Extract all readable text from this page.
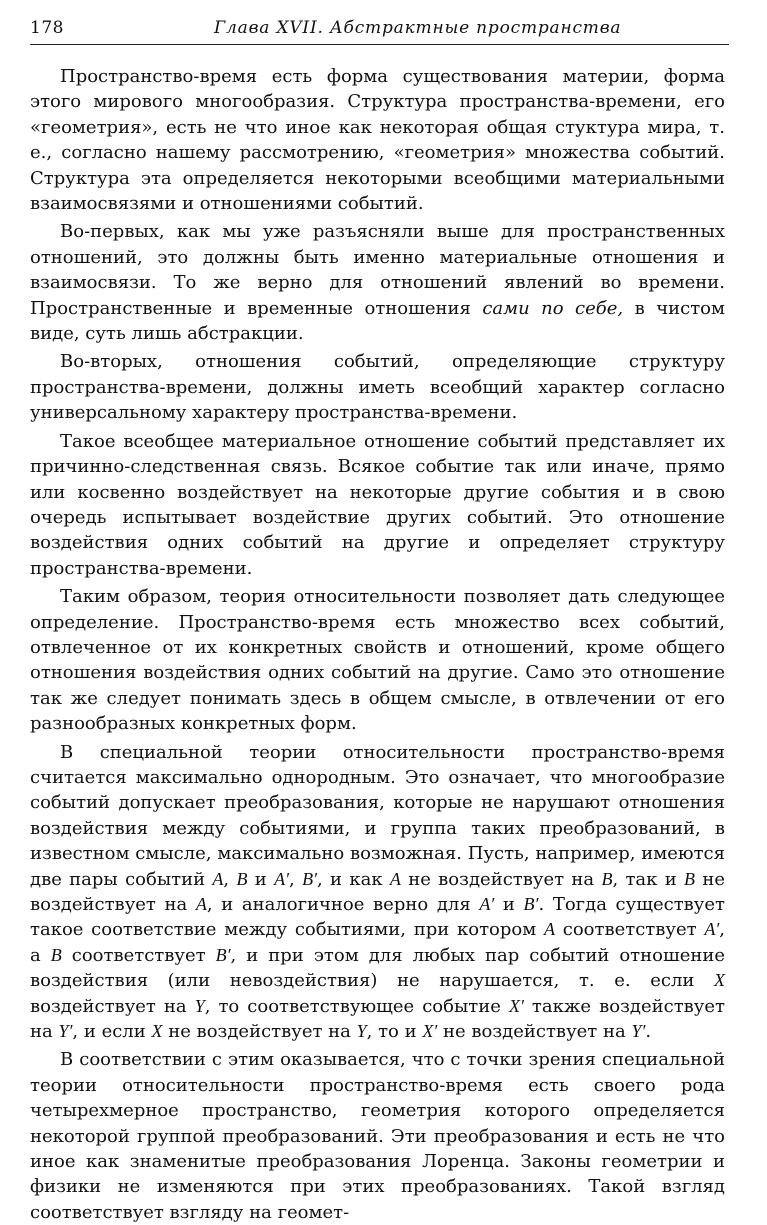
178	Глава XVII. Абстрактные пространства

Пространство-время есть форма существования материи, форма этого мирового многообразия. Структура пространства-времени, его «геометрия», есть не что иное как некоторая общая стуктура мира, т. е., согласно нашему рассмотрению, «геометрия» множества событий. Структура эта определяется некоторыми всеобщими материальными взаимосвязями и отношениями событий.

Во-первых, как мы уже разъясняли выше для пространственных отношений, это должны быть именно материальные отношения и взаимосвязи. То же верно для отношений явлений во времени. Пространственные и временные отношения сами по себе, в чистом виде, суть лишь абстракции.

Во-вторых, отношения событий, определяющие структуру пространства-времени, должны иметь всеобщий характер согласно универсальному характеру пространства-времени.

Такое всеобщее материальное отношение событий представляет их причинно-следственная связь. Всякое событие так или иначе, прямо или косвенно воздействует на некоторые другие события и в свою очередь испытывает воздействие других событий. Это отношение воздействия одних событий на другие и определяет структуру пространства-времени.

Таким образом, теория относительности позволяет дать следующее определение. Пространство-время есть множество всех событий, отвлеченное от их конкретных свойств и отношений, кроме общего отношения воздействия одних событий на другие. Само это отношение так же следует понимать здесь в общем смысле, в отвлечении от его разнообразных конкретных форм.

В специальной теории относительности пространство-время считается максимально однородным. Это означает, что многообразие событий допускает преобразования, которые не нарушают отношения воздействия между событиями, и группа таких преобразований, в известном смысле, максимально возможная. Пусть, например, имеются две пары событий A, B и A′, B′, и как A не воздействует на B, так и B не воздействует на A, и аналогичное верно для A′ и B′. Тогда существует такое соответствие между событиями, при котором A соответствует A′, а B соответствует B′, и при этом для любых пар событий отношение воздействия (или невоздействия) не нарушается, т. е. если X воздействует на Y, то соответствующее событие X′ также воздействует на Y′, и если X не воздействует на Y, то и X′ не воздействует на Y′.

В соответствии с этим оказывается, что с точки зрения специальной теории относительности пространство-время есть своего рода четырехмерное пространство, геометрия которого определяется некоторой группой преобразований. Эти преобразования и есть не что иное как знаменитые преобразования Лоренца. Законы геометрии и физики не изменяются при этих преобразованиях. Такой взгляд соответствует взгляду на геомет-
